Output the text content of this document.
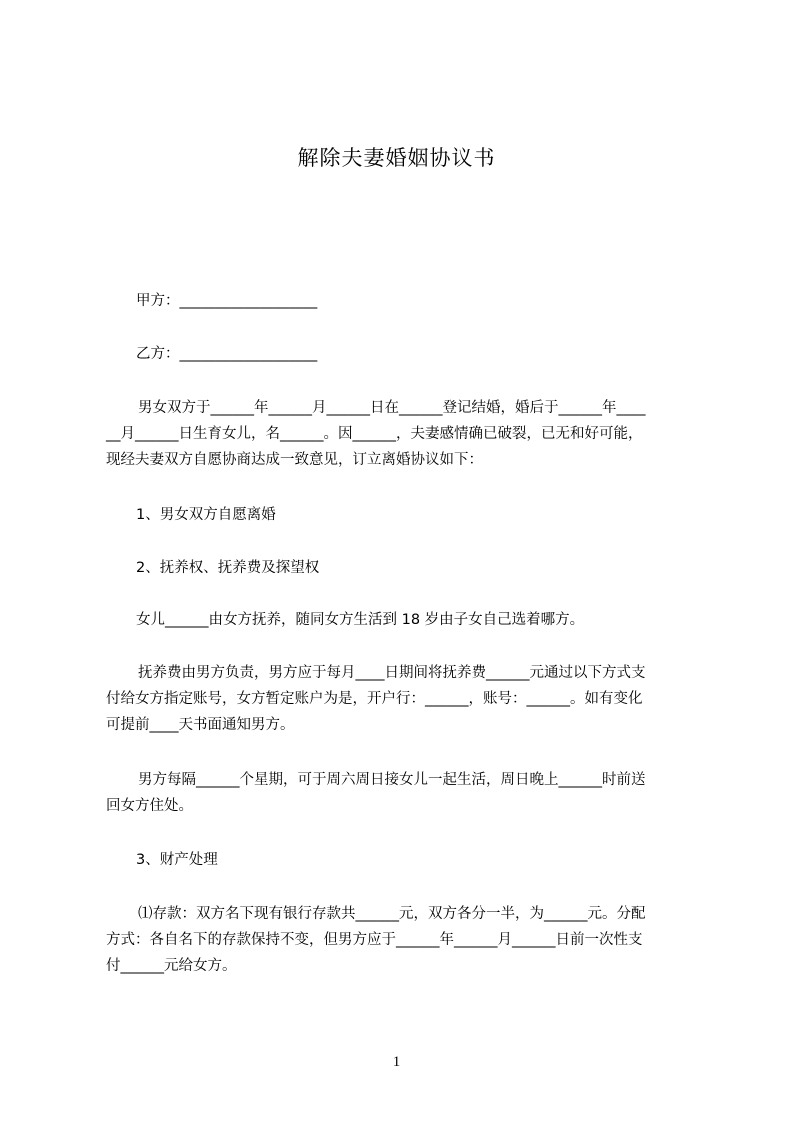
解除夫妻婚姻协议书
甲方：___________________
乙方：___________________
男女双方于______年______月______日在______登记结婚，婚后于______年____
__月______日生育女儿，名______。因______，夫妻感情确已破裂，已无和好可能，
现经夫妻双方自愿协商达成一致意见，订立离婚协议如下：
1、男女双方自愿离婚
2、抚养权、抚养费及探望权
女儿______由女方抚养，随同女方生活到 18 岁由子女自己选着哪方。
抚养费由男方负责，男方应于每月____日期间将抚养费______元通过以下方式支
付给女方指定账号，女方暂定账户为是，开户行：______，账号：______。如有变化
可提前____天书面通知男方。
男方每隔______个星期，可于周六周日接女儿一起生活，周日晚上______时前送
回女方住处。
3、财产处理
⑴存款：双方名下现有银行存款共______元，双方各分一半，为______元。分配
方式：各自名下的存款保持不变，但男方应于______年______月______日前一次性支
付______元给女方。
1
